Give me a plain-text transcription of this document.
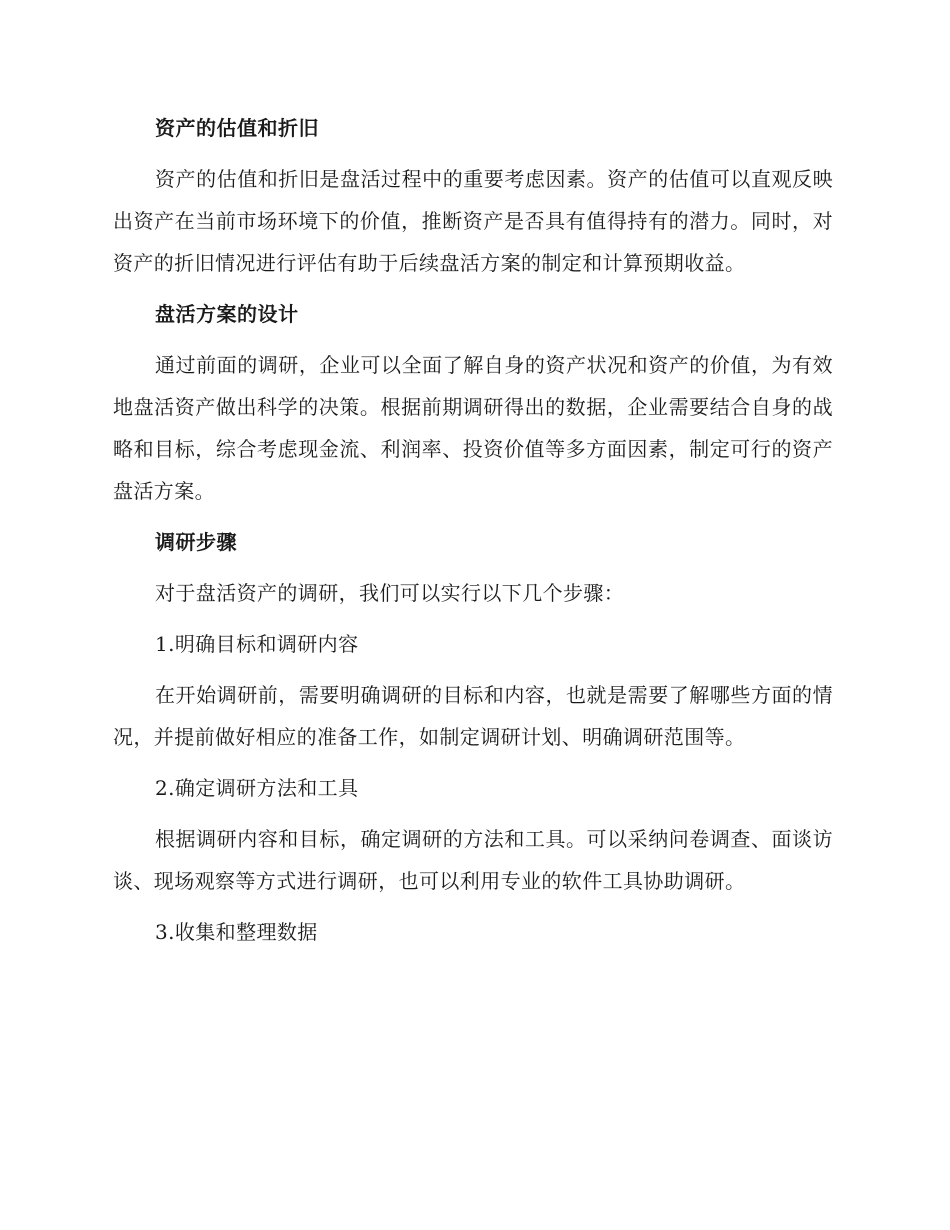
资产的估值和折旧

资产的估值和折旧是盘活过程中的重要考虑因素。资产的估值可以直观反映出资产在当前市场环境下的价值，推断资产是否具有值得持有的潜力。同时，对资产的折旧情况进行评估有助于后续盘活方案的制定和计算预期收益。

盘活方案的设计

通过前面的调研，企业可以全面了解自身的资产状况和资产的价值，为有效地盘活资产做出科学的决策。根据前期调研得出的数据，企业需要结合自身的战略和目标，综合考虑现金流、利润率、投资价值等多方面因素，制定可行的资产盘活方案。

调研步骤

对于盘活资产的调研，我们可以实行以下几个步骤：

1.明确目标和调研内容

在开始调研前，需要明确调研的目标和内容，也就是需要了解哪些方面的情况，并提前做好相应的准备工作，如制定调研计划、明确调研范围等。

2.确定调研方法和工具

根据调研内容和目标，确定调研的方法和工具。可以采纳问卷调查、面谈访谈、现场观察等方式进行调研，也可以利用专业的软件工具协助调研。

3.收集和整理数据
